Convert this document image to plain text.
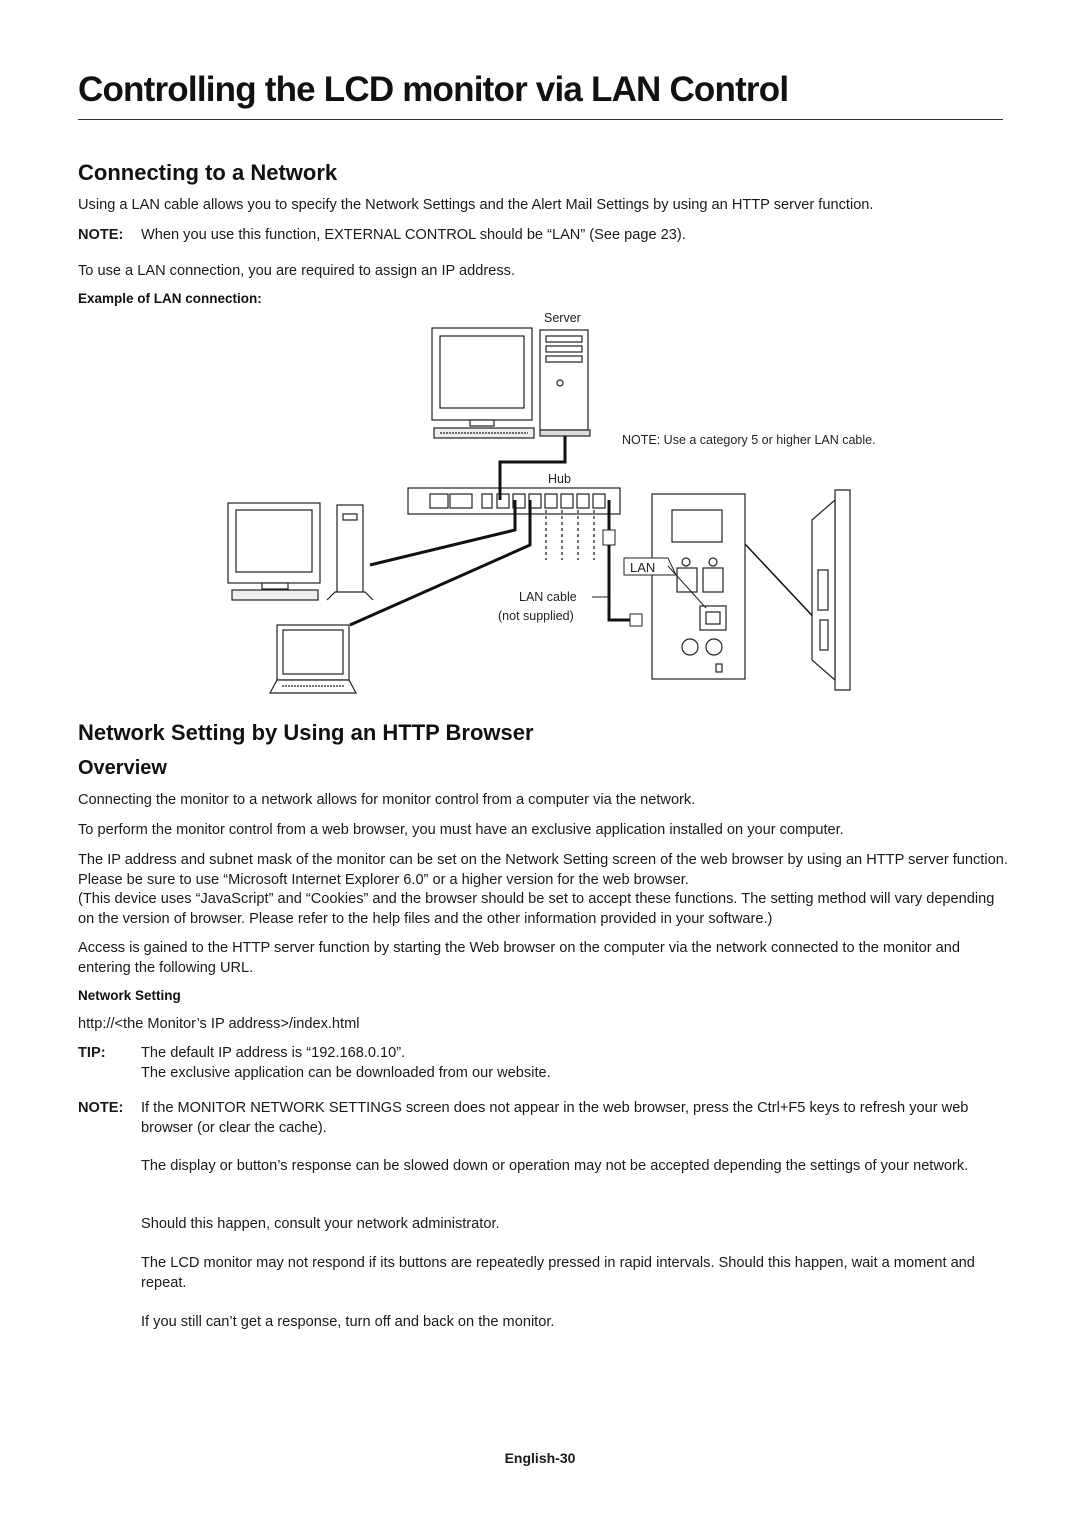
Controlling the LCD monitor via LAN Control
Connecting to a Network
Using a LAN cable allows you to specify the Network Settings and the Alert Mail Settings by using an HTTP server function.
NOTE: When you use this function, EXTERNAL CONTROL should be “LAN” (See page 23).
To use a LAN connection, you are required to assign an IP address.
Example of LAN connection:
Server
NOTE: Use a category 5 or higher LAN cable.
Hub
LAN cable
(not supplied)
LAN
Network Setting by Using an HTTP Browser
Overview
Connecting the monitor to a network allows for monitor control from a computer via the network.
To perform the monitor control from a web browser, you must have an exclusive application installed on your computer.
The IP address and subnet mask of the monitor can be set on the Network Setting screen of the web browser by using an HTTP server function. Please be sure to use “Microsoft Internet Explorer 6.0” or a higher version for the web browser.
(This device uses “JavaScript” and “Cookies” and the browser should be set to accept these functions. The setting method will vary depending on the version of browser. Please refer to the help files and the other information provided in your software.)
Access is gained to the HTTP server function by starting the Web browser on the computer via the network connected to the monitor and entering the following URL.
Network Setting
http://<the Monitor’s IP address>/index.html
TIP: The default IP address is “192.168.0.10”.
The exclusive application can be downloaded from our website.
NOTE: If the MONITOR NETWORK SETTINGS screen does not appear in the web browser, press the Ctrl+F5 keys to refresh your web browser (or clear the cache).
The display or button’s response can be slowed down or operation may not be accepted depending the settings of your network.
Should this happen, consult your network administrator.
The LCD monitor may not respond if its buttons are repeatedly pressed in rapid intervals. Should this happen, wait a moment and repeat.
If you still can’t get a response, turn off and back on the monitor.
English-30
